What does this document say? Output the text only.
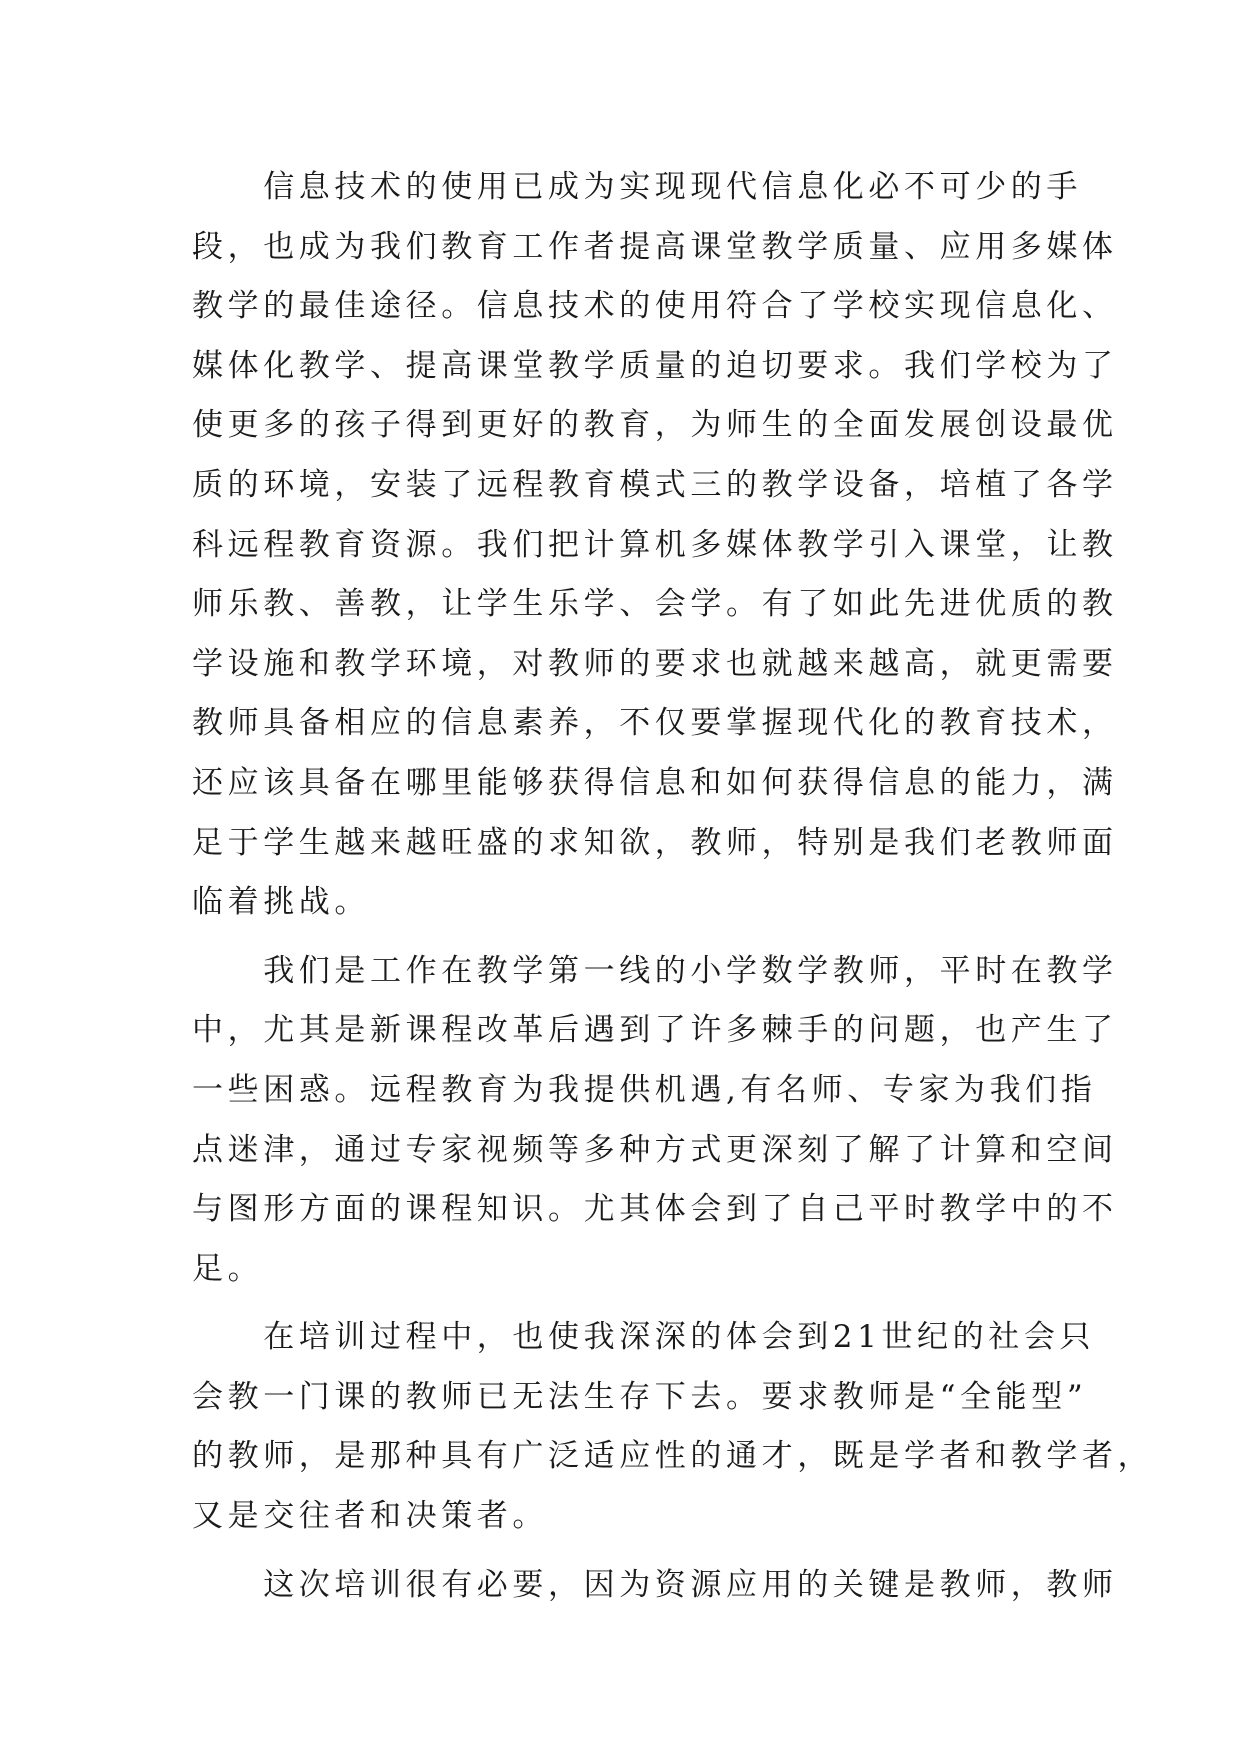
　　信息技术的使用已成为实现现代信息化必不可少的手
段，也成为我们教育工作者提高课堂教学质量、应用多媒体
教学的最佳途径。信息技术的使用符合了学校实现信息化、
媒体化教学、提高课堂教学质量的迫切要求。我们学校为了
使更多的孩子得到更好的教育，为师生的全面发展创设最优
质的环境，安装了远程教育模式三的教学设备，培植了各学
科远程教育资源。我们把计算机多媒体教学引入课堂，让教
师乐教、善教，让学生乐学、会学。有了如此先进优质的教
学设施和教学环境，对教师的要求也就越来越高，就更需要
教师具备相应的信息素养，不仅要掌握现代化的教育技术，
还应该具备在哪里能够获得信息和如何获得信息的能力，满
足于学生越来越旺盛的求知欲，教师，特别是我们老教师面
临着挑战。
　　我们是工作在教学第一线的小学数学教师，平时在教学
中，尤其是新课程改革后遇到了许多棘手的问题，也产生了
一些困惑。远程教育为我提供机遇,有名师、专家为我们指
点迷津，通过专家视频等多种方式更深刻了解了计算和空间
与图形方面的课程知识。尤其体会到了自己平时教学中的不
足。
　　在培训过程中，也使我深深的体会到21世纪的社会只
会教一门课的教师已无法生存下去。要求教师是“全能型”
的教师，是那种具有广泛适应性的通才，既是学者和教学者，
又是交往者和决策者。
　　这次培训很有必要，因为资源应用的关键是教师，教师
